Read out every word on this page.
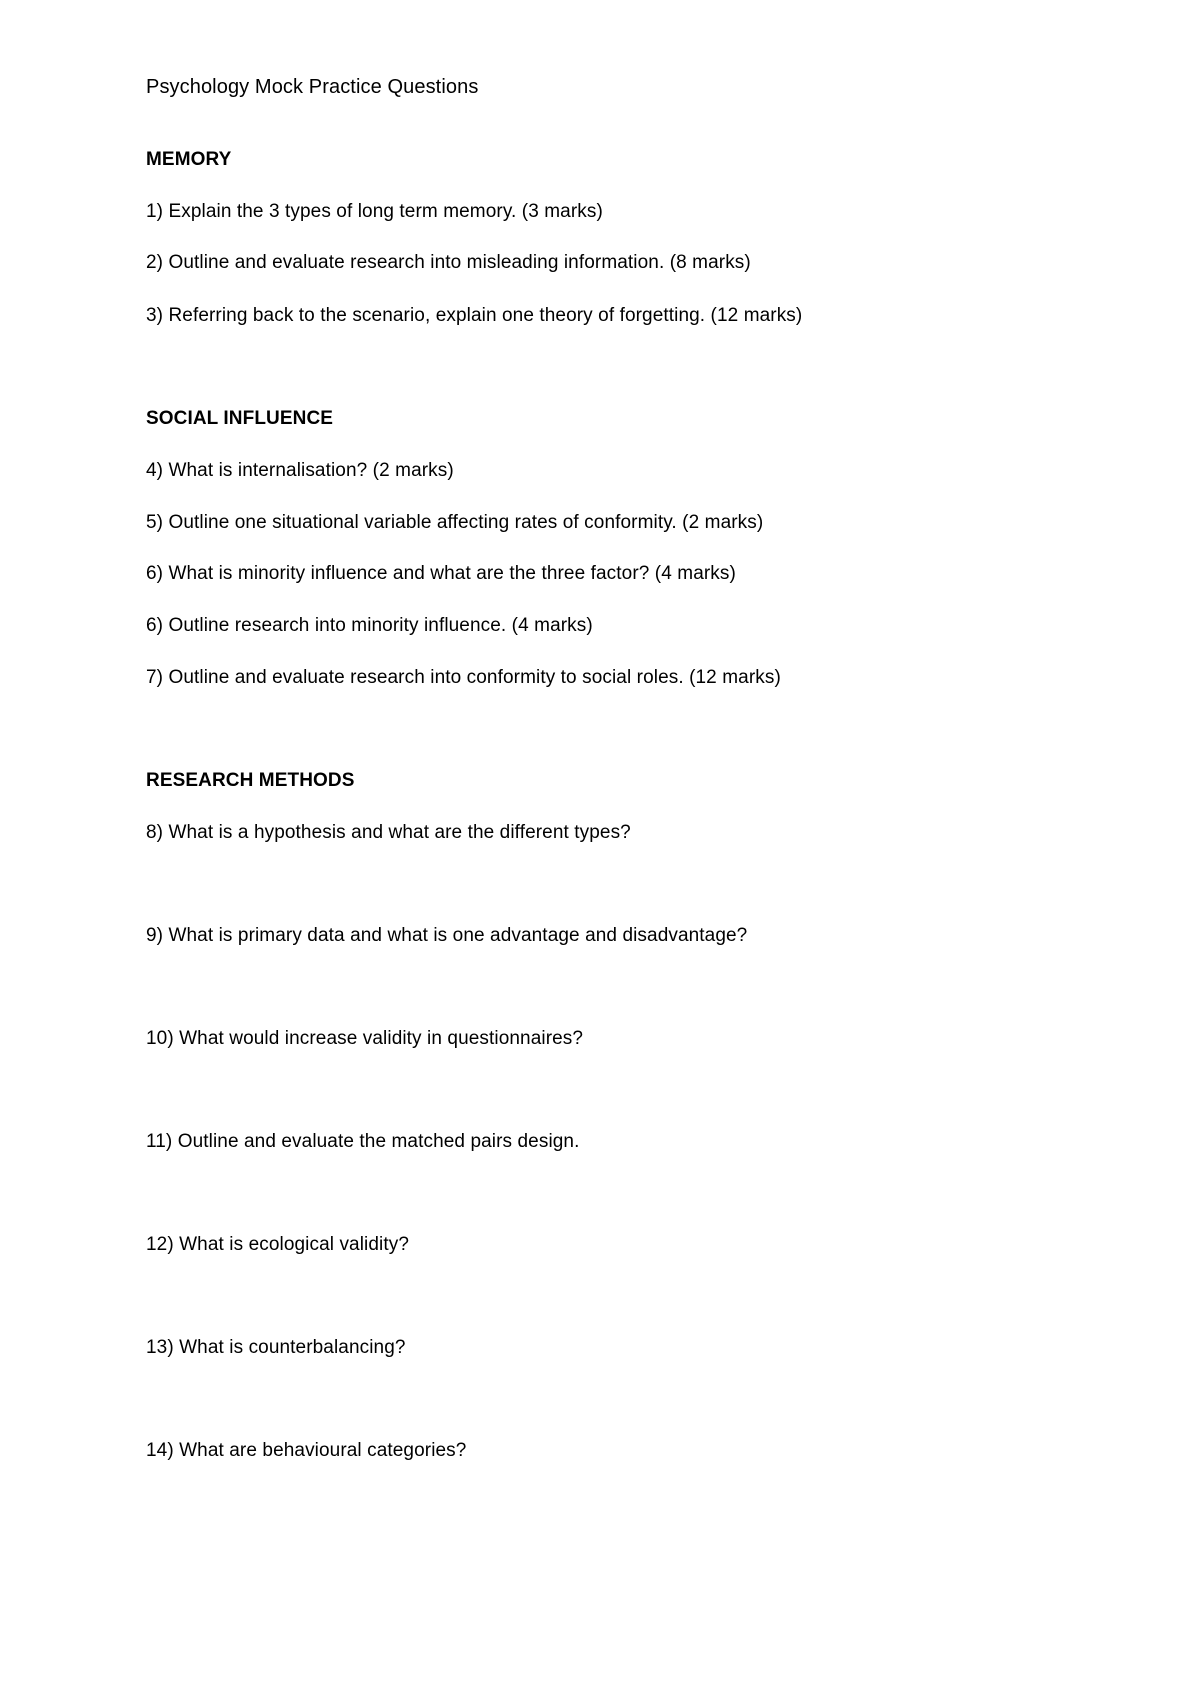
Psychology Mock Practice Questions
MEMORY
1) Explain the 3 types of long term memory. (3 marks)
2) Outline and evaluate research into misleading information. (8 marks)
3) Referring back to the scenario, explain one theory of forgetting. (12 marks)
SOCIAL INFLUENCE
4) What is internalisation? (2 marks)
5) Outline one situational variable affecting rates of conformity. (2 marks)
6) What is minority influence and what are the three factor? (4 marks)
6) Outline research into minority influence. (4 marks)
7) Outline and evaluate research into conformity to social roles. (12 marks)
RESEARCH METHODS
8) What is a hypothesis and what are the different types?
9) What is primary data and what is one advantage and disadvantage?
10) What would increase validity in questionnaires?
11) Outline and evaluate the matched pairs design.
12) What is ecological validity?
13) What is counterbalancing?
14) What are behavioural categories?
